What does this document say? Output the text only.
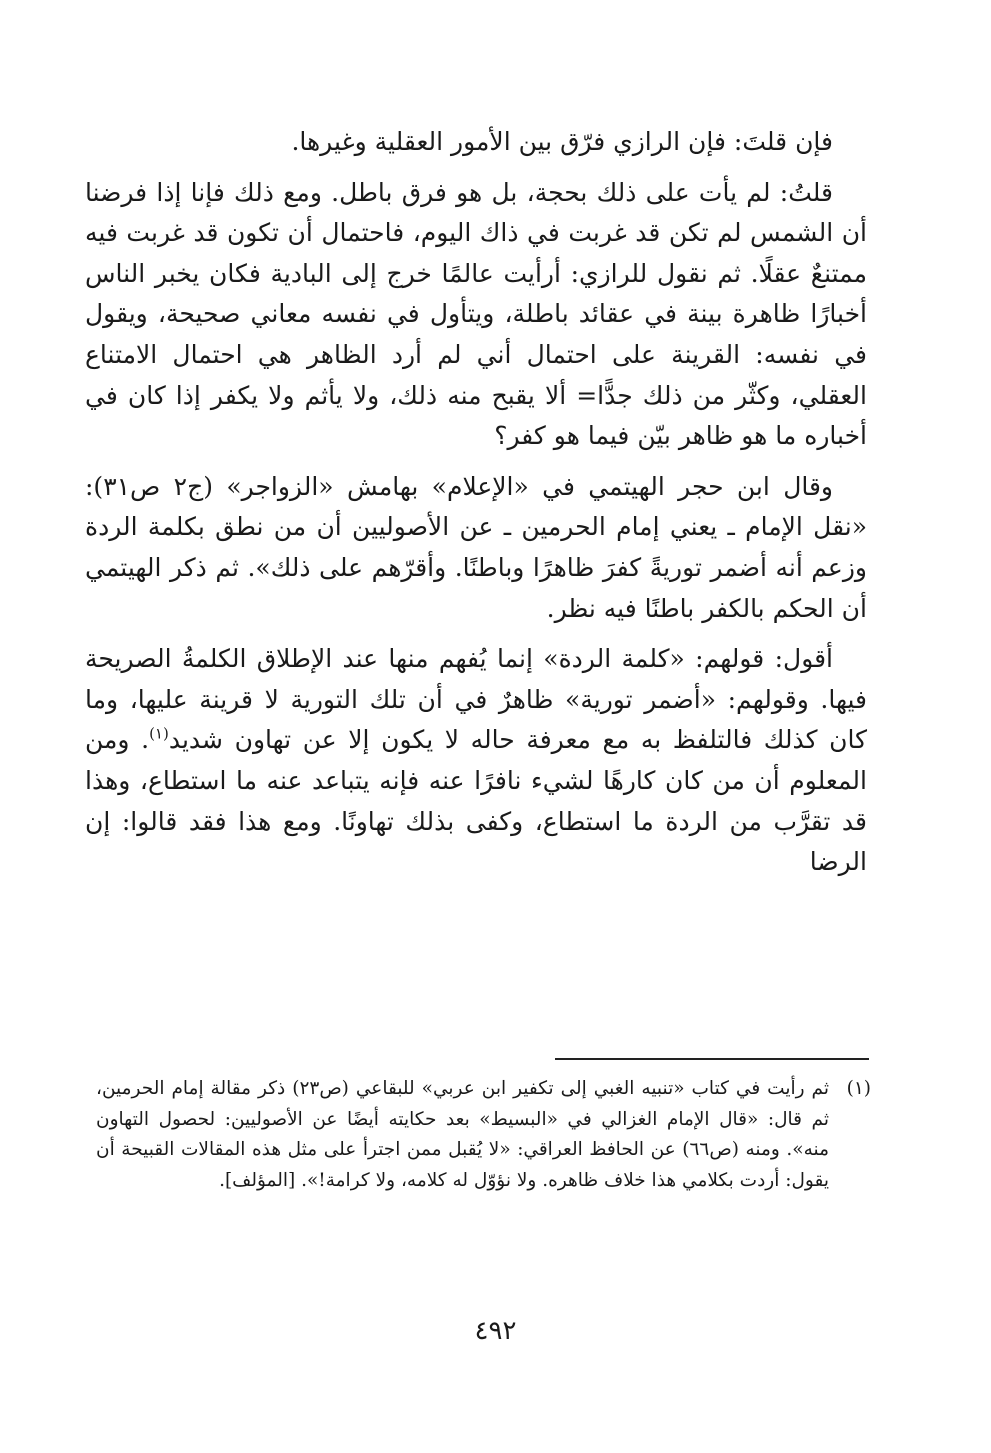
فإن قلتَ: فإن الرازي فرّق بين الأمور العقلية وغيرها.

قلتُ: لم يأت على ذلك بحجة، بل هو فرق باطل. ومع ذلك فإنا إذا فرضنا أن الشمس لم تكن قد غربت في ذاك اليوم، فاحتمال أن تكون قد غربت فيه ممتنعٌ عقلًا. ثم نقول للرازي: أرأيت عالمًا خرج إلى البادية فكان يخبر الناس أخبارًا ظاهرة بينة في عقائد باطلة، ويتأول في نفسه معاني صحيحة، ويقول في نفسه: القرينة على احتمال أني لم أرد الظاهر هي احتمال الامتناع العقلي، وكثّر من ذلك جدًّا= ألا يقبح منه ذلك، ولا يأثم ولا يكفر إذا كان في أخباره ما هو ظاهر بيّن فيما هو كفر؟

وقال ابن حجر الهيتمي في «الإعلام» بهامش «الزواجر» (ج٢ ص٣١): «نقل الإمام ـ يعني إمام الحرمين ـ عن الأصوليين أن من نطق بكلمة الردة وزعم أنه أضمر توريةً كفرَ ظاهرًا وباطنًا. وأقرّهم على ذلك». ثم ذكر الهيتمي أن الحكم بالكفر باطنًا فيه نظر.

أقول: قولهم: «كلمة الردة» إنما يُفهم منها عند الإطلاق الكلمةُ الصريحة فيها. وقولهم: «أضمر تورية» ظاهرٌ في أن تلك التورية لا قرينة عليها، وما كان كذلك فالتلفظ به مع معرفة حاله لا يكون إلا عن تهاون شديد$^{(١)}$. ومن المعلوم أن من كان كارهًا لشيء نافرًا عنه فإنه يتباعد عنه ما استطاع، وهذا قد تقرَّب من الردة ما استطاع، وكفى بذلك تهاونًا. ومع هذا فقد قالوا: إن الرضا

(١)
ثم رأيت في كتاب «تنبيه الغبي إلى تكفير ابن عربي» للبقاعي (ص٢٣) ذكر مقالة إمام الحرمين، ثم قال: «قال الإمام الغزالي في «البسيط» بعد حكايته أيضًا عن الأصوليين: لحصول التهاون منه». ومنه (ص٦٦) عن الحافظ العراقي: «لا يُقبل ممن اجترأ على مثل هذه المقالات القبيحة أن يقول: أردت بكلامي هذا خلاف ظاهره. ولا نؤوّل له كلامه، ولا كرامة!». [المؤلف].

٤٩٢
